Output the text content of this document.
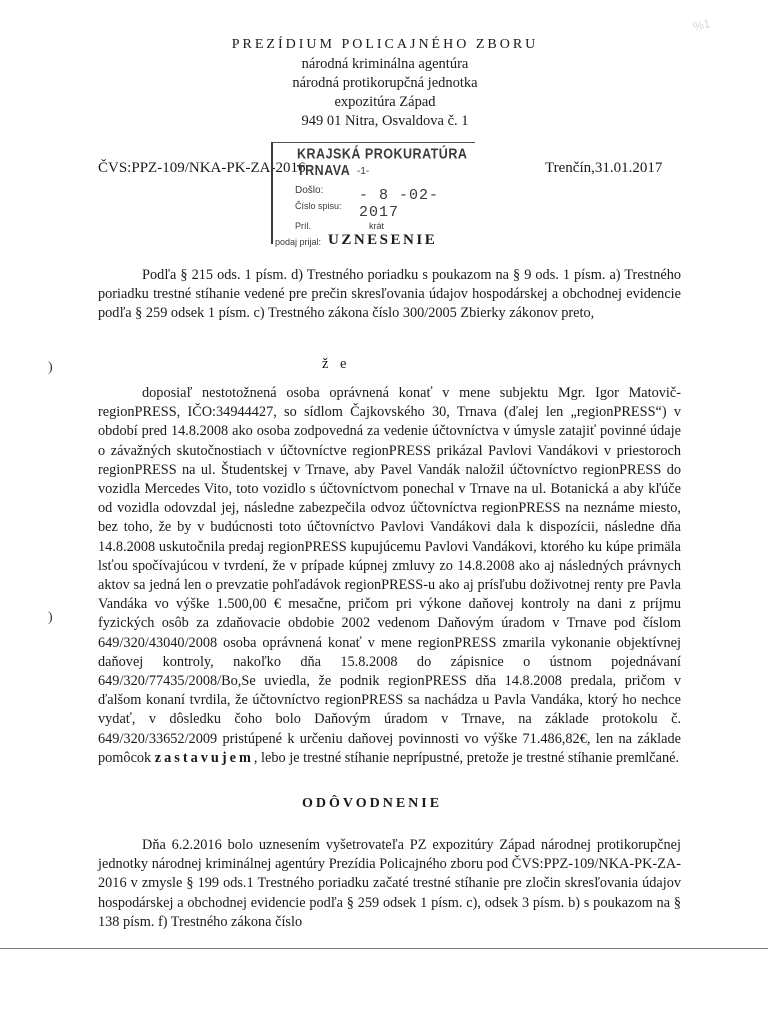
PREZÍDIUM POLICAJNÉHO ZBORU
národná kriminálna agentúra
národná protikorupčná jednotka
expozitúra Západ
949 01 Nitra, Osvaldova č. 1
%1
ČVS:PPZ-109/NKA-PK-ZA-2016	Trenčín,31.01.2017
KRAJSKÁ PROKURATÚRA TRNAVA -1-
Došlo: - 8 -02- 2017
Číslo spisu:
Príl.	krát
podaj prijal: UZNESENIE
Podľa § 215 ods. 1 písm. d) Trestného poriadku s poukazom na § 9 ods. 1 písm. a) Trestného poriadku trestné stíhanie vedené pre prečin skresľovania údajov hospodárskej a obchodnej evidencie podľa § 259 odsek 1 písm. c) Trestného zákona číslo 300/2005 Zbierky zákonov preto,
ž e
)
)
doposiaľ nestotožnená osoba oprávnená konať v mene subjektu Mgr. Igor Matovič-regionPRESS, IČO:34944427, so sídlom Čajkovského 30, Trnava (ďalej len „regionPRESS“) v období pred 14.8.2008 ako osoba zodpovedná za vedenie účtovníctva v úmysle zatajiť povinné údaje o závažných skutočnostiach v účtovníctve regionPRESS prikázal Pavlovi Vandákovi v priestoroch regionPRESS na ul. Študentskej v Trnave, aby Pavel Vandák naložil účtovníctvo regionPRESS do vozidla Mercedes Vito, toto vozidlo s účtovníctvom ponechal v Trnave na ul. Botanická a aby kľúče od vozidla odovzdal jej, následne zabezpečila odvoz účtovníctva regionPRESS na neznáme miesto, bez toho, že by v budúcnosti toto účtovníctvo Pavlovi Vandákovi dala k dispozícii, následne dňa 14.8.2008 uskutočnila predaj regionPRESS kupujúcemu Pavlovi Vandákovi, ktorého ku kúpe primäla lsťou spočívajúcou v tvrdení, že v prípade kúpnej zmluvy zo 14.8.2008 ako aj následných právnych aktov sa jedná len o prevzatie pohľadávok regionPRESS-u ako aj prísľubu doživotnej renty pre Pavla Vandáka vo výške 1.500,00 € mesačne, pričom pri výkone daňovej kontroly na dani z príjmu fyzických osôb za zdaňovacie obdobie 2002 vedenom Daňovým úradom v Trnave pod číslom 649/320/43040/2008 osoba oprávnená konať v mene regionPRESS zmarila vykonanie objektívnej daňovej kontroly, nakoľko dňa 15.8.2008 do zápisnice o ústnom pojednávaní 649/320/77435/2008/Bo,Se uviedla, že podnik regionPRESS dňa 14.8.2008 predala, pričom v ďalšom konaní tvrdila, že účtovníctvo regionPRESS sa nachádza u Pavla Vandáka, ktorý ho nechce vydať, v dôsledku čoho bolo Daňovým úradom v Trnave, na základe protokolu č. 649/320/33652/2009 pristúpené k určeniu daňovej povinnosti vo výške 71.486,82€, len na základe pomôcok zastavujem, lebo je trestné stíhanie neprípustné, pretože je trestné stíhanie premlčané.
ODÔVODNENIE
Dňa 6.2.2016 bolo uznesením vyšetrovateľa PZ expozitúry Západ národnej protikorupčnej jednotky národnej kriminálnej agentúry Prezídia Policajného zboru pod ČVS:PPZ-109/NKA-PK-ZA-2016 v zmysle § 199 ods.1 Trestného poriadku začaté trestné stíhanie pre zločin skresľovania údajov hospodárskej a obchodnej evidencie podľa § 259 odsek 1 písm. c), odsek 3 písm. b) s poukazom na § 138 písm. f) Trestného zákona číslo
